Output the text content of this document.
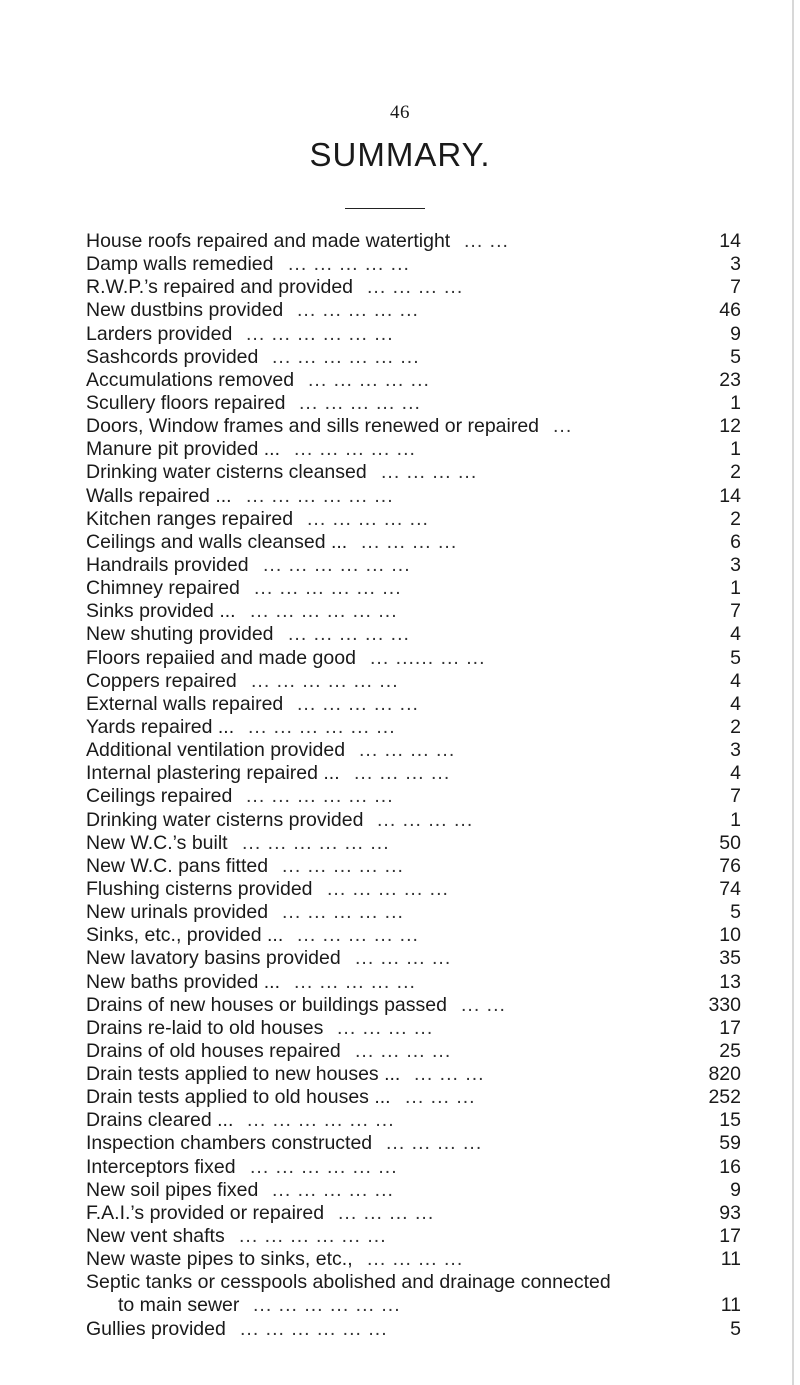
46
SUMMARY.
House roofs repaired and made watertight ... ...	14
Damp walls remedied ... ... ... ... ...	3
R.W.P.’s repaired and provided ... ... ... ...	7
New dustbins provided ... ... ... ... ...	46
Larders provided ... ... ... ... ... ...	9
Sashcords provided ... ... ... ... ... ...	5
Accumulations removed ... ... ... ... ...	23
Scullery floors repaired ... ... ... ... ...	1
Doors, Window frames and sills renewed or repaired ...	12
Manure pit provided ... ... ... ... ... ...	1
Drinking water cisterns cleansed ... ... ... ...	2
Walls repaired ... ... ... ... ... ... ...	14
Kitchen ranges repaired ... ... ... ... ...	2
Ceilings and walls cleansed ... ... ... ... ...	6
Handrails provided ... ... ... ... ... ...	3
Chimney repaired ... ... ... ... ... ...	1
Sinks provided ... ... ... ... ... ... ...	7
New shuting provided ... ... ... ... ...	4
Floors repaiied and made good ... ...... ... ...	5
Coppers repaired ... ... ... ... ... ...	4
External walls repaired ... ... ... ... ...	4
Yards repaired ... ... ... ... ... ... ...	2
Additional ventilation provided ... ... ... ...	3
Internal plastering repaired ... ... ... ... ...	4
Ceilings repaired ... ... ... ... ... ...	7
Drinking water cisterns provided ... ... ... ...	1
New W.C.’s built ... ... ... ... ... ...	50
New W.C. pans fitted ... ... ... ... ...	76
Flushing cisterns provided ... ... ... ... ...	74
New urinals provided ... ... ... ... ...	5
Sinks, etc., provided ... ... ... ... ... ...	10
New lavatory basins provided ... ... ... ...	35
New baths provided ... ... ... ... ... ...	13
Drains of new houses or buildings passed ... ...	330
Drains re-laid to old houses ... ... ... ...	17
Drains of old houses repaired ... ... ... ...	25
Drain tests applied to new houses ... ... ... ...	820
Drain tests applied to old houses ... ... ... ...	252
Drains cleared ... ... ... ... ... ... ...	15
Inspection chambers constructed ... ... ... ...	59
Interceptors fixed ... ... ... ... ... ...	16
New soil pipes fixed ... ... ... ... ...	9
F.A.I.’s provided or repaired ... ... ... ...	93
New vent shafts ... ... ... ... ... ...	17
New waste pipes to sinks, etc., ... ... ... ...	11
Septic tanks or cesspools abolished and drainage connected
to main sewer ... ... ... ... ... ...	11
Gullies provided ... ... ... ... ... ...	5
